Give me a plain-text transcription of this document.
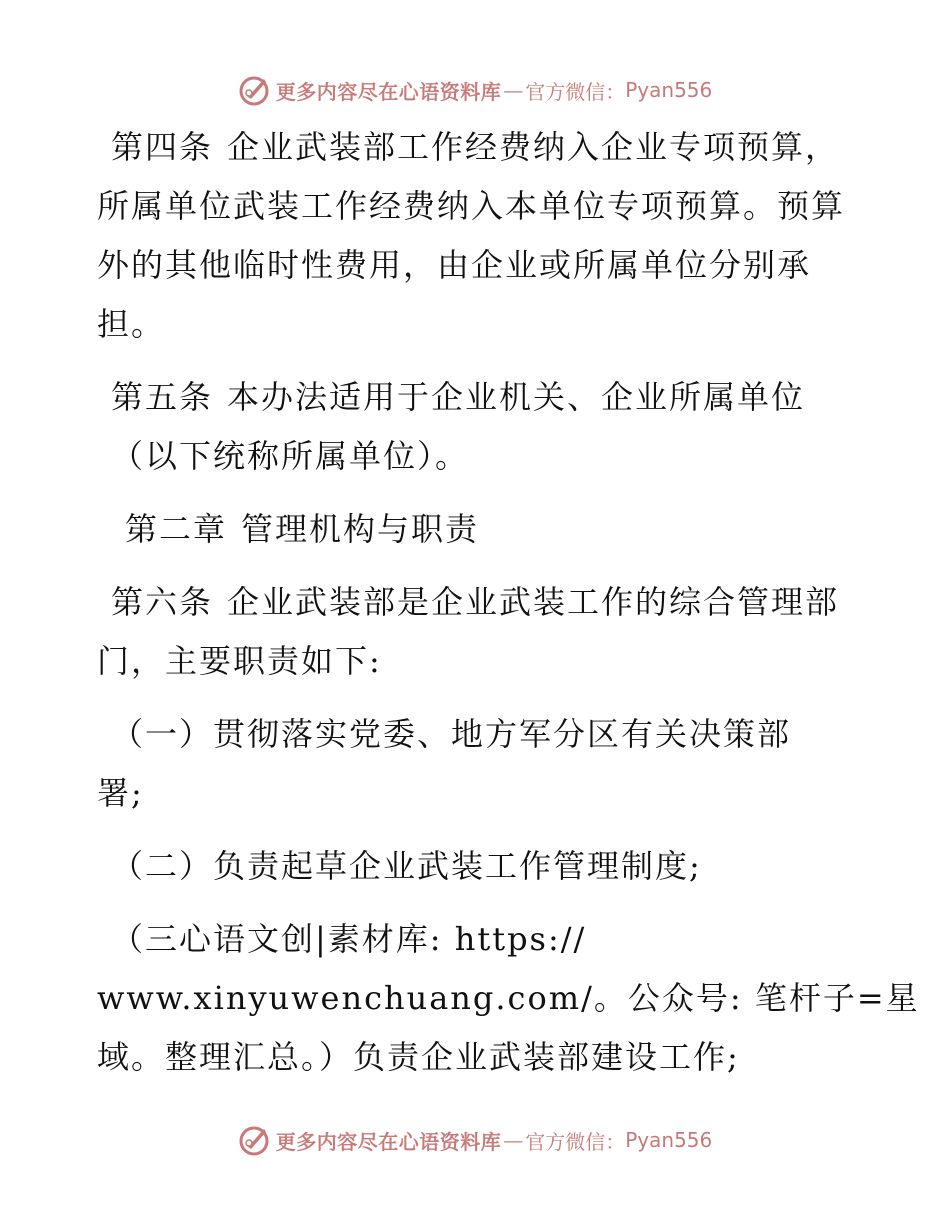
更多内容尽在心语资料库 — 官方微信： Pyan556
第四条 企业武装部工作经费纳入企业专项预算，
所属单位武装工作经费纳入本单位专项预算。预算
外的其他临时性费用，由企业或所属单位分别承
担。
第五条 本办法适用于企业机关、企业所属单位
（以下统称所属单位）。
第二章 管理机构与职责
第六条 企业武装部是企业武装工作的综合管理部
门，主要职责如下:
（一）贯彻落实党委、地方军分区有关决策部
署;
（二）负责起草企业武装工作管理制度;
（三心语文创|素材库: https://
www.xinyuwenchuang.com/。公众号: 笔杆子=星
域。整理汇总。）负责企业武装部建设工作;
更多内容尽在心语资料库 — 官方微信： Pyan556
